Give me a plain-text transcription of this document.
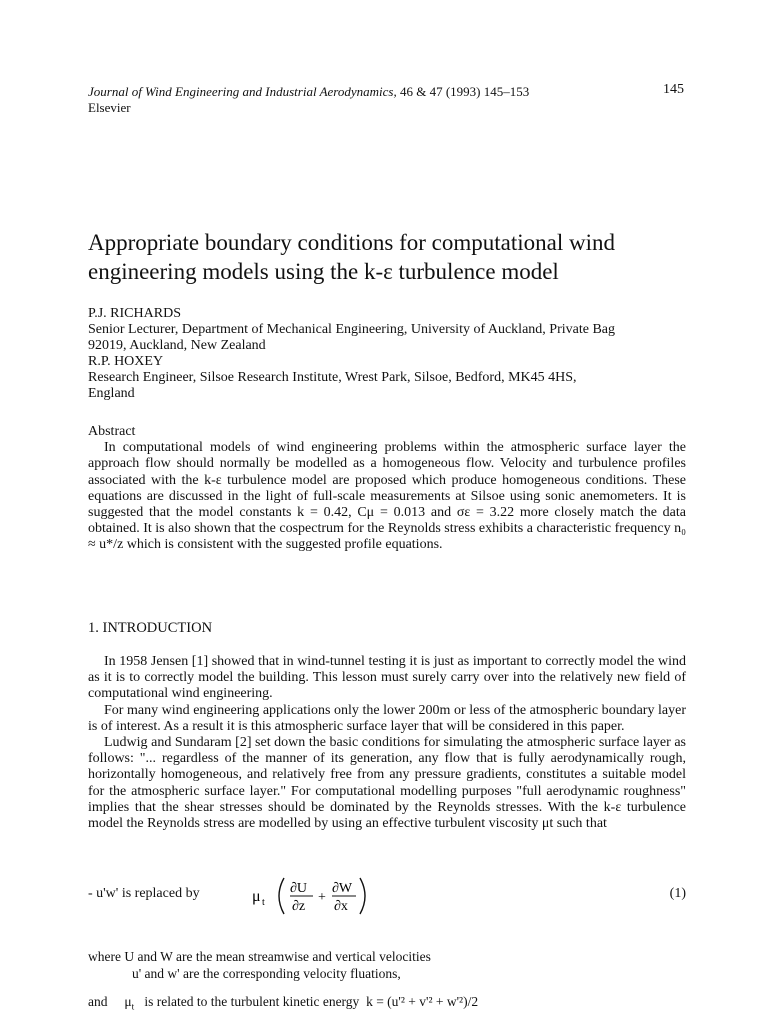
Journal of Wind Engineering and Industrial Aerodynamics, 46 & 47 (1993) 145–153
Elsevier
145
Appropriate boundary conditions for computational wind
engineering models using the k-ε turbulence model
P.J. RICHARDS
Senior Lecturer, Department of Mechanical Engineering, University of Auckland, Private Bag
92019, Auckland, New Zealand
R.P. HOXEY
Research Engineer, Silsoe Research Institute, Wrest Park, Silsoe, Bedford, MK45 4HS,
England
Abstract

In computational models of wind engineering problems within the atmospheric surface layer the approach flow should normally be modelled as a homogeneous flow. Velocity and turbulence profiles associated with the k-ε turbulence model are proposed which produce homogeneous conditions. These equations are discussed in the light of full-scale measurements at Silsoe using sonic anemometers. It is suggested that the model constants k = 0.42, Cμ = 0.013 and σε = 3.22 more closely match the data obtained. It is also shown that the cospectrum for the Reynolds stress exhibits a characteristic frequency n₀ ≈ u*/z which is consistent with the suggested profile equations.

1. INTRODUCTION

In 1958 Jensen [1] showed that in wind-tunnel testing it is just as important to correctly model the wind as it is to correctly model the building. This lesson must surely carry over into the relatively new field of computational wind engineering.

For many wind engineering applications only the lower 200m or less of the atmospheric boundary layer is of interest. As a result it is this atmospheric surface layer that will be considered in this paper.

Ludwig and Sundaram [2] set down the basic conditions for simulating the atmospheric surface layer as follows: "... regardless of the manner of its generation, any flow that is fully aerodynamically rough, horizontally homogeneous, and relatively free from any pressure gradients, constitutes a suitable model for the atmospheric surface layer." For computational modelling purposes "full aerodynamic roughness" implies that the shear stresses should be dominated by the Reynolds stresses. With the k-ε turbulence model the Reynolds stress are modelled by using an effective turbulent viscosity μt such that

- u'w' is replaced by	μ t
∂U
∂z
+
∂W
∂x
(1)
where U and W are the mean streamwise and vertical velocities
u' and w' are the corresponding velocity fluations,
and $\mu_t$ is related to the turbulent kinetic energy k = (u'² + v'² + w'²)/2
